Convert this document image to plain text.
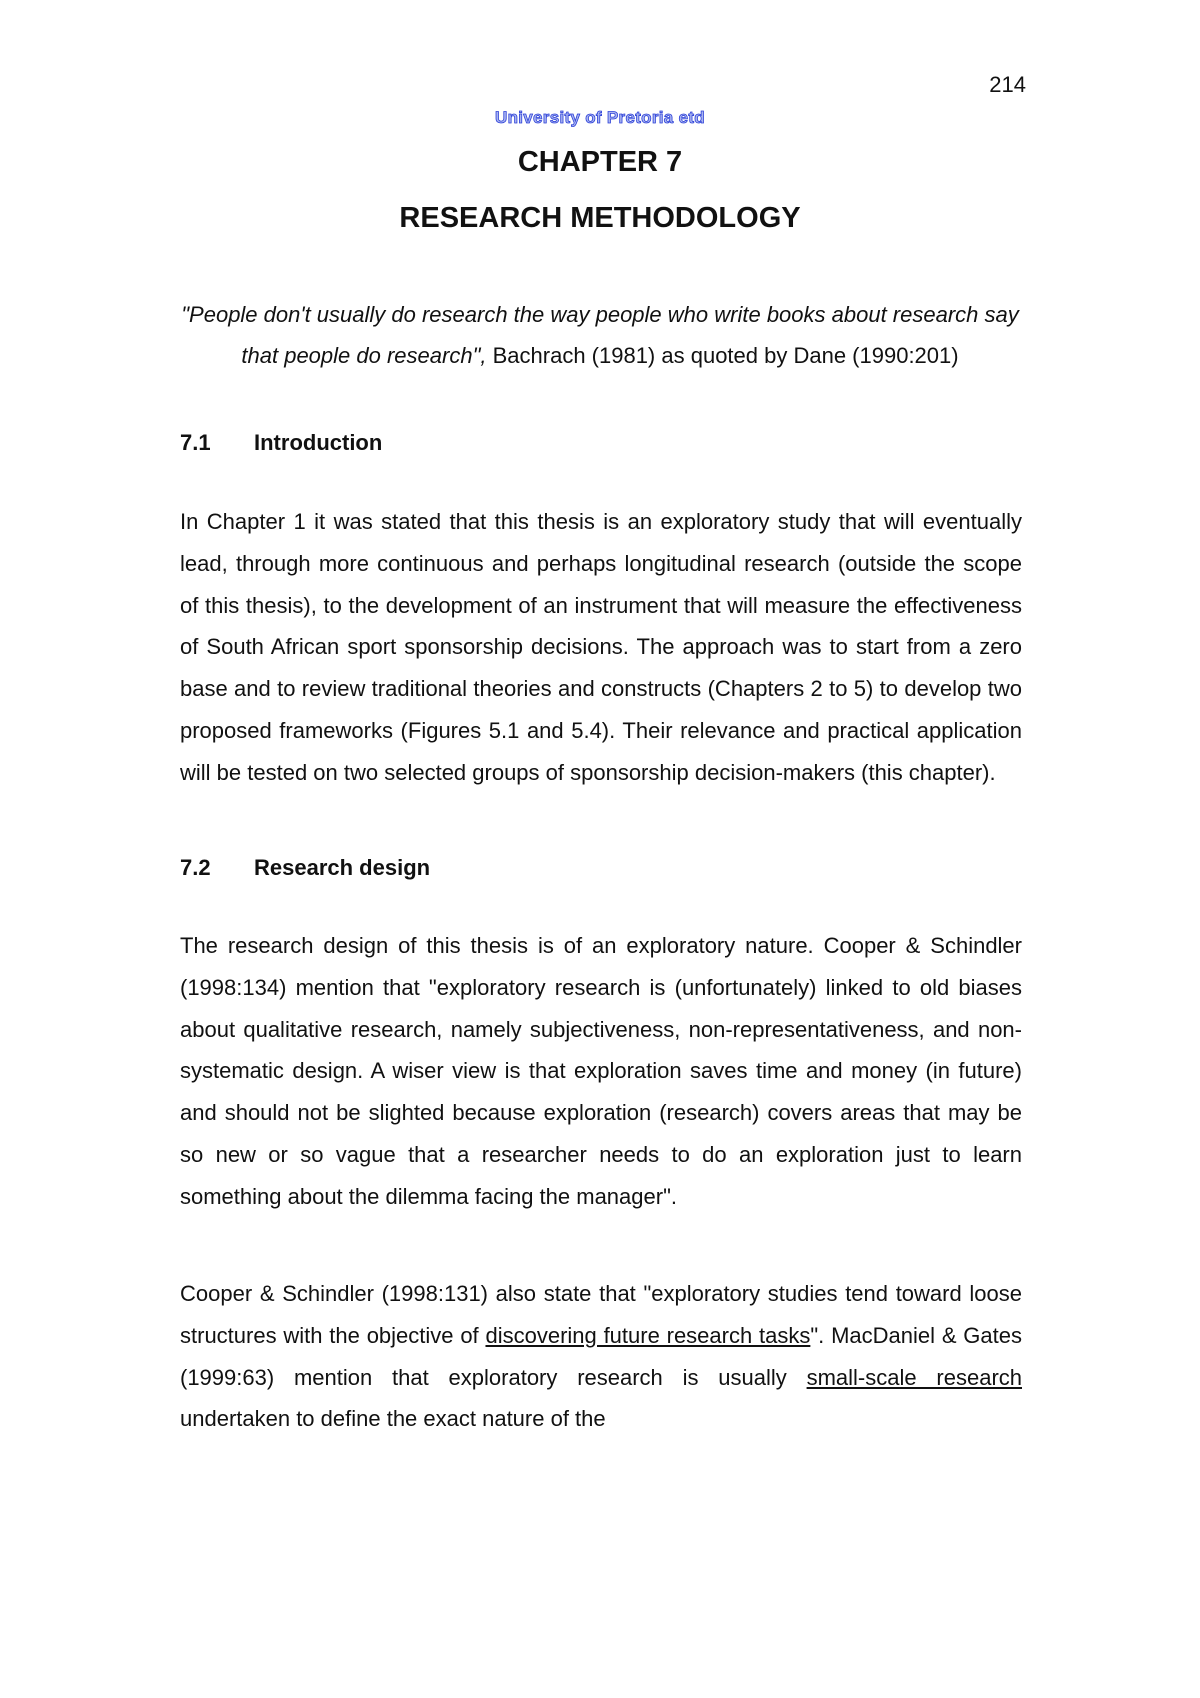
214
University of Pretoria etd
CHAPTER 7
RESEARCH METHODOLOGY

"People don't usually do research the way people who write books about research say that people do research", Bachrach (1981) as quoted by Dane (1990:201)

7.1 Introduction

In Chapter 1 it was stated that this thesis is an exploratory study that will eventually lead, through more continuous and perhaps longitudinal research (outside the scope of this thesis), to the development of an instrument that will measure the effectiveness of South African sport sponsorship decisions. The approach was to start from a zero base and to review traditional theories and constructs (Chapters 2 to 5) to develop two proposed frameworks (Figures 5.1 and 5.4). Their relevance and practical application will be tested on two selected groups of sponsorship decision-makers (this chapter).

7.2 Research design

The research design of this thesis is of an exploratory nature. Cooper & Schindler (1998:134) mention that "exploratory research is (unfortunately) linked to old biases about qualitative research, namely subjectiveness, non-representativeness, and non-systematic design. A wiser view is that exploration saves time and money (in future) and should not be slighted because exploration (research) covers areas that may be so new or so vague that a researcher needs to do an exploration just to learn something about the dilemma facing the manager".

Cooper & Schindler (1998:131) also state that "exploratory studies tend toward loose structures with the objective of discovering future research tasks". MacDaniel & Gates (1999:63) mention that exploratory research is usually small-scale research undertaken to define the exact nature of the
